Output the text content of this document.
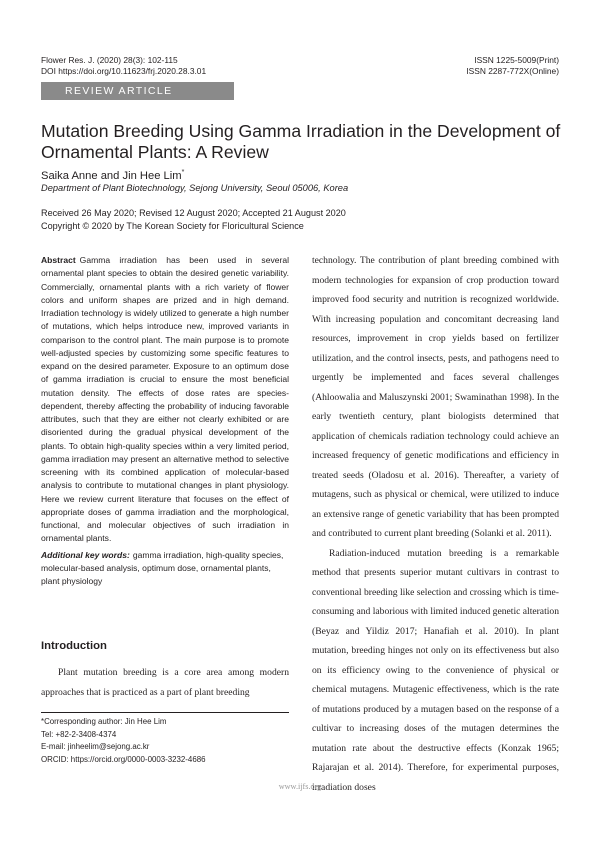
Flower Res. J. (2020) 28(3): 102-115
DOI https://doi.org/10.11623/frj.2020.28.3.01
ISSN 1225-5009(Print)
ISSN 2287-772X(Online)
REVIEW ARTICLE
Mutation Breeding Using Gamma Irradiation in the Development of Ornamental Plants: A Review
Saika Anne and Jin Hee Lim*
Department of Plant Biotechnology, Sejong University, Seoul 05006, Korea
Received 26 May 2020; Revised 12 August 2020; Accepted 21 August 2020
Copyright © 2020 by The Korean Society for Floricultural Science

Abstract Gamma irradiation has been used in several ornamental plant species to obtain the desired genetic variability. Commercially, ornamental plants with a rich variety of flower colors and uniform shapes are prized and in high demand. Irradiation technology is widely utilized to generate a high number of mutations, which helps introduce new, improved variants in comparison to the control plant. The main purpose is to promote well-adjusted species by customizing some specific features to expand on the desired parameter. Exposure to an optimum dose of gamma irradiation is crucial to ensure the most beneficial mutation density. The effects of dose rates are species-dependent, thereby affecting the probability of inducing favorable attributes, such that they are either not clearly exhibited or are disoriented during the gradual physical development of the plants. To obtain high-quality species within a very limited period, gamma irradiation may present an alternative method to selective screening with its combined application of molecular-based analysis to contribute to mutational changes in plant physiology. Here we review current literature that focuses on the effect of appropriate doses of gamma irradiation and the morphological, functional, and molecular objectives of such irradiation in ornamental plants.

Additional key words: gamma irradiation, high-quality species, molecular-based analysis, optimum dose, ornamental plants, plant physiology

Introduction

Plant mutation breeding is a core area among modern approaches that is practiced as a part of plant breeding

*Corresponding author: Jin Hee Lim
Tel: +82-2-3408-4374
E-mail: jinheelim@sejong.ac.kr
ORCID: https://orcid.org/0000-0003-3232-4686

technology. The contribution of plant breeding combined with modern technologies for expansion of crop production toward improved food security and nutrition is recognized worldwide. With increasing population and concomitant decreasing land resources, improvement in crop yields based on fertilizer utilization, and the control insects, pests, and pathogens need to urgently be implemented and faces several challenges (Ahloowalia and Maluszynski 2001; Swaminathan 1998). In the early twentieth century, plant biologists determined that application of chemicals radiation technology could achieve an increased frequency of genetic modifications and efficiency in treated seeds (Oladosu et al. 2016). Thereafter, a variety of mutagens, such as physical or chemical, were utilized to induce an extensive range of genetic variability that has been prompted and contributed to current plant breeding (Solanki et al. 2011).

Radiation-induced mutation breeding is a remarkable method that presents superior mutant cultivars in contrast to conventional breeding like selection and crossing which is time-consuming and laborious with limited induced genetic alteration (Beyaz and Yildiz 2017; Hanafiah et al. 2010). In plant mutation, breeding hinges not only on its effectiveness but also on its efficiency owing to the convenience of physical or chemical mutagens. Mutagenic effectiveness, which is the rate of mutations produced by a mutagen based on the response of a cultivar to increasing doses of the mutagen determines the mutation rate about the destructive effects (Konzak 1965; Rajarajan et al. 2014). Therefore, for experimental purposes, irradiation doses

www.ijfs.org
